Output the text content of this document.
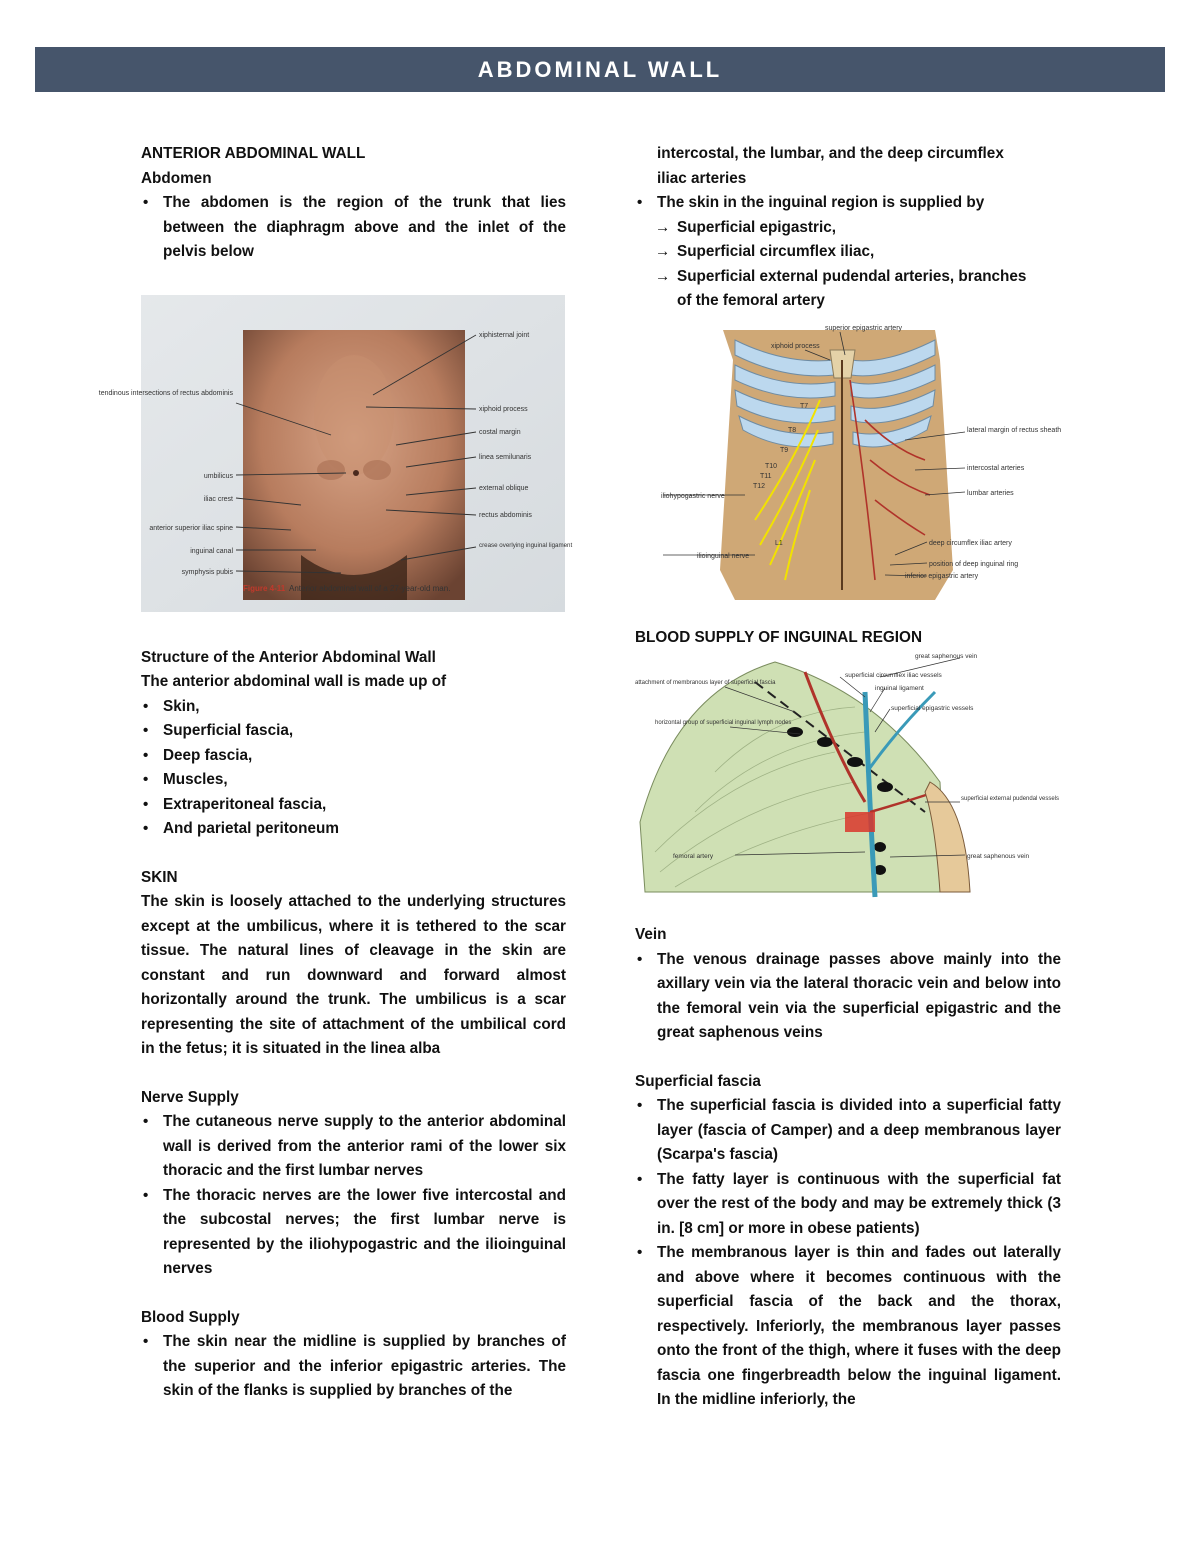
ABDOMINAL WALL

ANTERIOR ABDOMINAL WALL

Abdomen

• The abdomen is the region of the trunk that lies between the diaphragm above and the inlet of the pelvis below
tendinous intersections of rectus abdominis
umbilicus
iliac crest
anterior superior iliac spine
inguinal canal
symphysis pubis
xiphisternal joint
xiphoid process
costal margin
linea semilunaris
external oblique
rectus abdominis
crease overlying inguinal ligament
Figure 4-11 Anterior abdominal wall of a 27-year-old man.

Structure of the Anterior Abdominal Wall

The anterior abdominal wall is made up of

• Skin,
• Superficial fascia,
• Deep fascia,
• Muscles,
• Extraperitoneal fascia,
• And parietal peritoneum

SKIN

The skin is loosely attached to the underlying structures except at the umbilicus, where it is tethered to the scar tissue. The natural lines of cleavage in the skin are constant and run downward and forward almost horizontally around the trunk. The umbilicus is a scar representing the site of attachment of the umbilical cord in the fetus; it is situated in the linea alba

Nerve Supply

• The cutaneous nerve supply to the anterior abdominal wall is derived from the anterior rami of the lower six thoracic and the first lumbar nerves
• The thoracic nerves are the lower five intercostal and the subcostal nerves; the first lumbar nerve is represented by the iliohypogastric and the ilioinguinal nerves

Blood Supply

• The skin near the midline is supplied by branches of the superior and the inferior epigastric arteries. The skin of the flanks is supplied by branches of the

intercostal, the lumbar, and the deep circumflex

iliac arteries

• The skin in the inguinal region is supplied by

→ Superficial epigastric,

→ Superficial circumflex iliac,

→ Superficial external pudendal arteries, branches

of the femoral artery

superior epigastric artery
xiphoid process
T7
T8
T9
T10
T11
T12
L1
lateral margin of rectus sheath
intercostal arteries
lumbar arteries
iliohypogastric nerve
ilioinguinal nerve
deep circumflex iliac artery
position of deep inguinal ring
inferior epigastric artery

BLOOD SUPPLY OF INGUINAL REGION

great saphenous vein
attachment of membranous layer of superficial fascia
superficial circumflex iliac vessels
inguinal ligament
superficial epigastric vessels
horizontal group of superficial inguinal lymph nodes
superficial external pudendal vessels
femoral artery	great saphenous vein

Vein

• The venous drainage passes above mainly into the axillary vein via the lateral thoracic vein and below into the femoral vein via the superficial epigastric and the great saphenous veins

Superficial fascia

• The superficial fascia is divided into a superficial fatty layer (fascia of Camper) and a deep membranous layer (Scarpa's fascia)
• The fatty layer is continuous with the superficial fat over the rest of the body and may be extremely thick (3 in. [8 cm] or more in obese patients)
• The membranous layer is thin and fades out laterally and above where it becomes continuous with the superficial fascia of the back and the thorax, respectively. Inferiorly, the membranous layer passes onto the front of the thigh, where it fuses with the deep fascia one fingerbreadth below the inguinal ligament. In the midline inferiorly, the
